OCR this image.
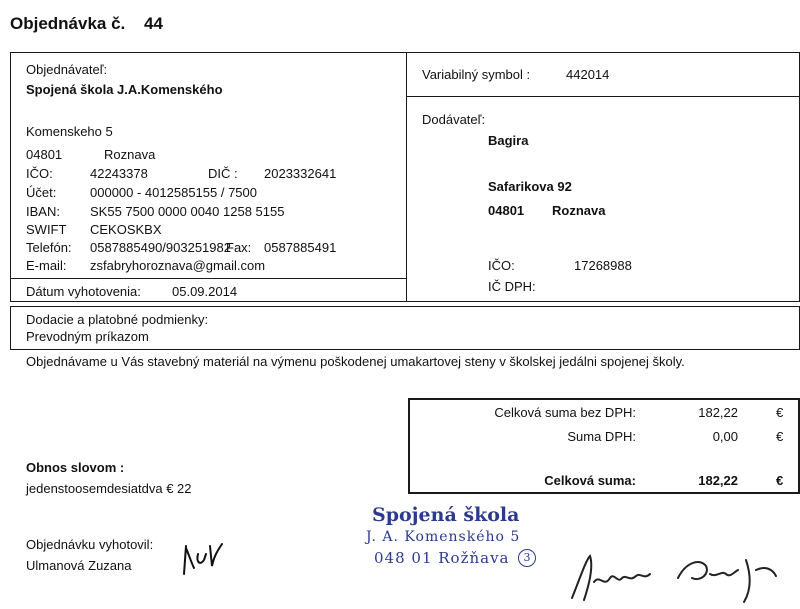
Objednávka č. 44
Objednávateľ:
Spojená škola J.A.Komenského
Komenskeho 5
04801	Roznava
IČO:	42243378	DIČ : 2023332641
Účet:	000000 - 4012585155 / 7500
IBAN: SK55 7500 0000 0040 1258 5155
SWIFT CEKOSKBX
Telefón: 0587885490/903251982
Fax: 0587885491
E-mail: zsfabryhoroznava@gmail.com
Dátum vyhotovenia: 05.09.2014
Variabilný symbol :	442014
Dodávateľ:
Bagira
Safarikova 92
04801 Roznava
IČO:	17268988
IČ DPH:
Dodacie a platobné podmienky:
Prevodným príkazom
Objednávame u Vás stavebný materiál na výmenu poškodenej umakartovej steny v školskej jedálni spojenej školy.
Celková suma bez DPH:	182,22	€
Suma DPH:	0,00	€
Celková suma:	182,22	€
Obnos slovom :
jedenstoosemdesiatdva € 22
Objednávku vyhotovil:
Ulmanová Zuzana
Spojená škola
J. A. Komenského 5
048 01 Rožňava	3
